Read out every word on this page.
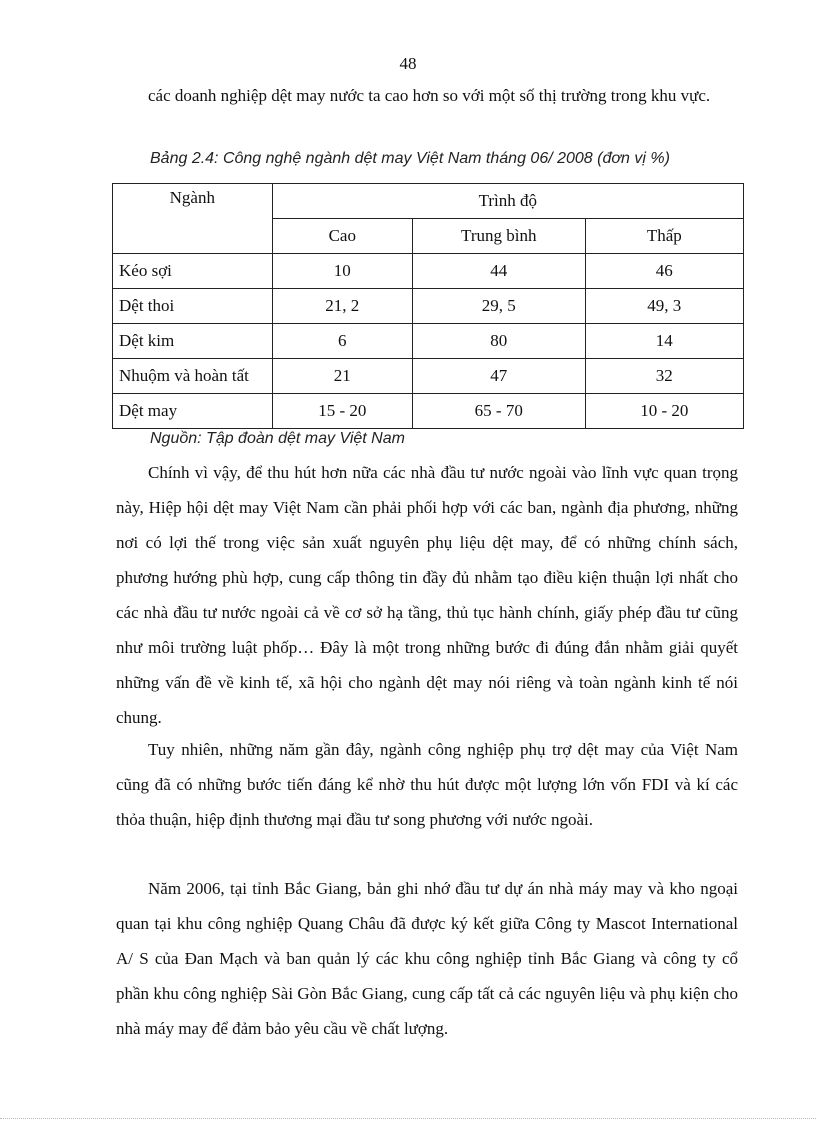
48

các doanh nghiệp dệt may nước ta cao hơn so với một số thị trường trong khu vực.

Bảng 2.4: Công nghệ ngành dệt may Việt Nam tháng 06/ 2008 (đơn vị %)
Ngành	Trình độ		
	Cao	Trung bình	Thấp
Kéo sợi	10	44	46
Dệt thoi	21, 2	29, 5	49, 3
Dệt kim	6	80	14
Nhuộm và hoàn tất	21	47	32
Dệt may	15 - 20	65 - 70	10 - 20
Nguồn: Tập đoàn dệt may Việt Nam

Chính vì vậy, để thu hút hơn nữa các nhà đầu tư nước ngoài vào lĩnh vực quan trọng này, Hiệp hội dệt may Việt Nam cần phải phối hợp với các ban, ngành địa phương, những nơi có lợi thế trong việc sản xuất nguyên phụ liệu dệt may, để có những chính sách, phương hướng phù hợp, cung cấp thông tin đầy đủ nhằm tạo điều kiện thuận lợi nhất cho các nhà đầu tư nước ngoài cả về cơ sở hạ tầng, thủ tục hành chính, giấy phép đầu tư cũng như môi trường luật phốp… Đây là một trong những bước đi đúng đắn nhằm giải quyết những vấn đề về kinh tế, xã hội cho ngành dệt may nói riêng và toàn ngành kinh tế nói chung.

Tuy nhiên, những năm gần đây, ngành công nghiệp phụ trợ dệt may của Việt Nam cũng đã có những bước tiến đáng kể nhờ thu hút được một lượng lớn vốn FDI và kí các thỏa thuận, hiệp định thương mại đầu tư song phương với nước ngoài.

Năm 2006, tại tỉnh Bắc Giang, bản ghi nhớ đầu tư dự án nhà máy may và kho ngoại quan tại khu công nghiệp Quang Châu đã được ký kết giữa Công ty Mascot International A/ S của Đan Mạch và ban quản lý các khu công nghiệp tỉnh Bắc Giang và công ty cổ phần khu công nghiệp Sài Gòn Bắc Giang, cung cấp tất cả các nguyên liệu và phụ kiện cho nhà máy may để đảm bảo yêu cầu về chất lượng.
